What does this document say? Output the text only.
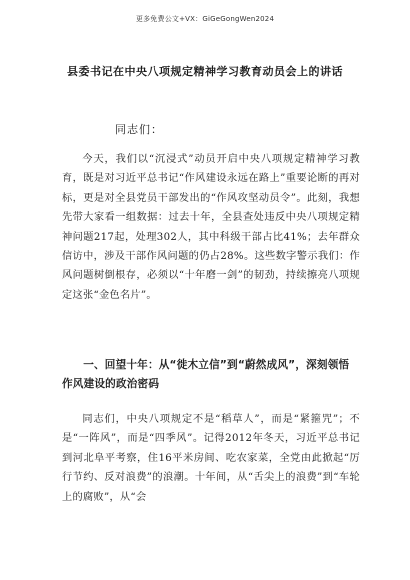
更多免费公文+VX：GiGeGongWen2024
县委书记在中央八项规定精神学习教育动员会上的讲话
同志们：

今天，我们以“沉浸式”动员开启中央八项规定精神学习教育，既是对习近平总书记“作风建设永远在路上”重要论断的再对标，更是对全县党员干部发出的“作风攻坚动员令”。此刻，我想先带大家看一组数据：过去十年，全县查处违反中央八项规定精神问题217起，处理302人，其中科级干部占比41%；去年群众信访中，涉及干部作风问题的仍占28%。这些数字警示我们：作风问题树倒根存，必须以“十年磨一剑”的韧劲，持续擦亮八项规定这张“金色名片”。

一、回望十年：从“徙木立信”到“蔚然成风”，深刻领悟作风建设的政治密码

同志们，中央八项规定不是“稻草人”，而是“紧箍咒”；不是“一阵风”，而是“四季风”。记得2012年冬天，习近平总书记到河北阜平考察，住16平米房间、吃农家菜，全党由此掀起“厉行节约、反对浪费”的浪潮。十年间，从“舌尖上的浪费”到“车轮上的腐败”，从“会
